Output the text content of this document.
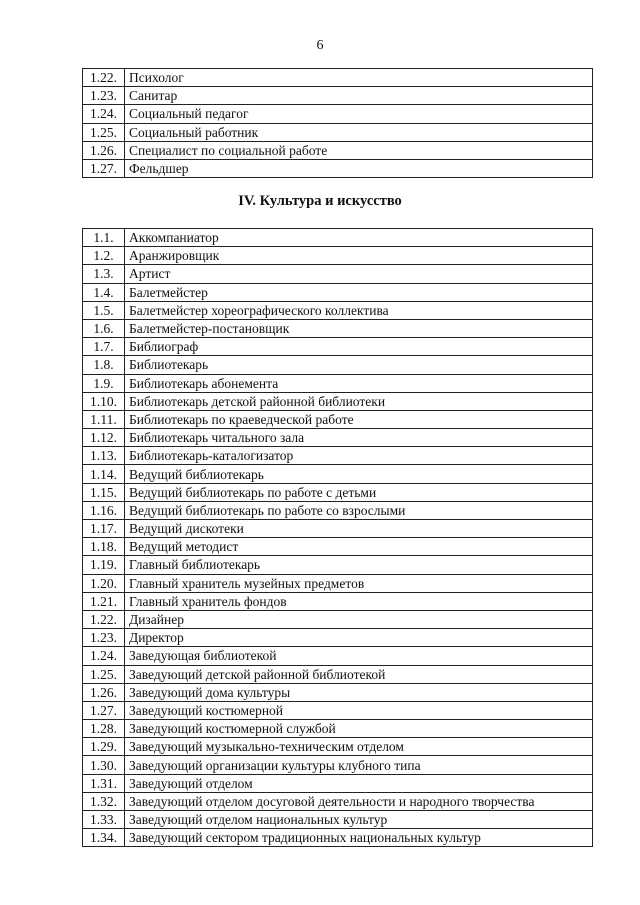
6
1.22.	Психолог
1.23.	Санитар
1.24.	Социальный педагог
1.25.	Социальный работник
1.26.	Специалист по социальной работе
1.27.	Фельдшер
IV. Культура и искусство
1.1.	Аккомпаниатор
1.2.	Аранжировщик
1.3.	Артист
1.4.	Балетмейстер
1.5.	Балетмейстер хореографического коллектива
1.6.	Балетмейстер-постановщик
1.7.	Библиограф
1.8.	Библиотекарь
1.9.	Библиотекарь абонемента
1.10.	Библиотекарь детской районной библиотеки
1.11.	Библиотекарь по краеведческой работе
1.12.	Библиотекарь читального зала
1.13.	Библиотекарь-каталогизатор
1.14.	Ведущий библиотекарь
1.15.	Ведущий библиотекарь по работе с детьми
1.16.	Ведущий библиотекарь по работе со взрослыми
1.17.	Ведущий дискотеки
1.18.	Ведущий методист
1.19.	Главный библиотекарь
1.20.	Главный хранитель музейных предметов
1.21.	Главный хранитель фондов
1.22.	Дизайнер
1.23.	Директор
1.24.	Заведующая библиотекой
1.25.	Заведующий детской районной библиотекой
1.26.	Заведующий дома культуры
1.27.	Заведующий костюмерной
1.28.	Заведующий костюмерной службой
1.29.	Заведующий музыкально-техническим отделом
1.30.	Заведующий организации культуры клубного типа
1.31.	Заведующий отделом
1.32.	Заведующий отделом досуговой деятельности и народного творчества
1.33.	Заведующий отделом национальных культур
1.34.	Заведующий сектором традиционных национальных культур
